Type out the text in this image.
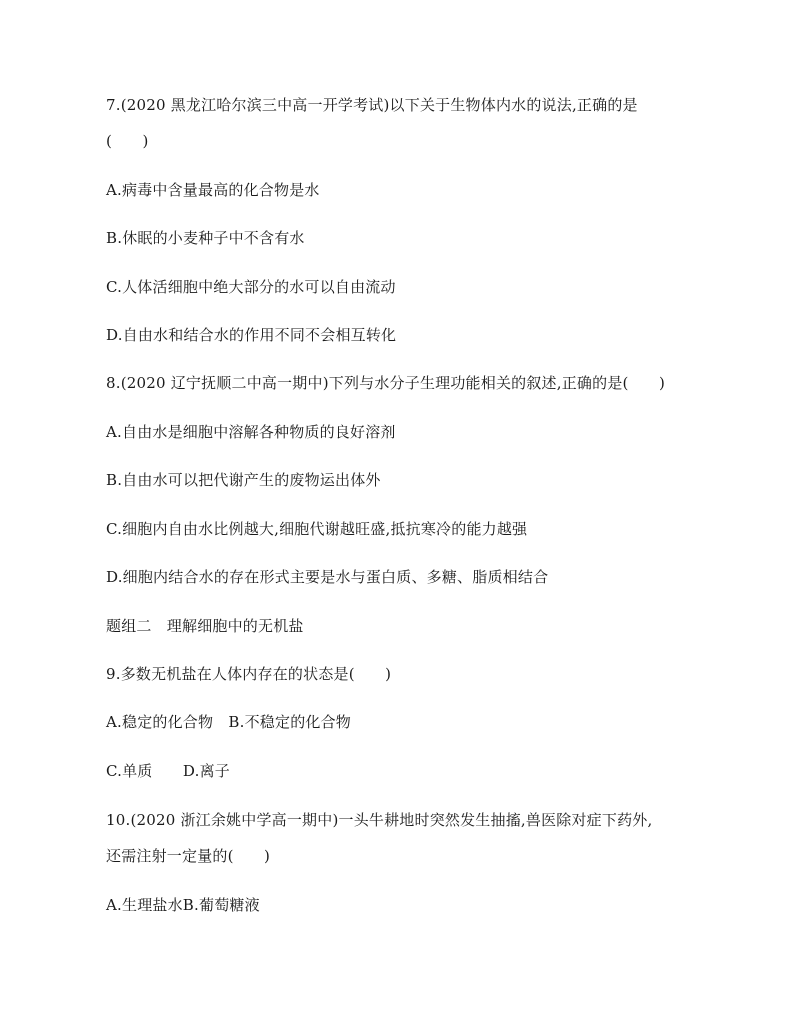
7.(2020 黑龙江哈尔滨三中高一开学考试)以下关于生物体内水的说法,正确的是
(　　)
A.病毒中含量最高的化合物是水
B.休眠的小麦种子中不含有水
C.人体活细胞中绝大部分的水可以自由流动
D.自由水和结合水的作用不同不会相互转化
8.(2020 辽宁抚顺二中高一期中)下列与水分子生理功能相关的叙述,正确的是(　　)
A.自由水是细胞中溶解各种物质的良好溶剂
B.自由水可以把代谢产生的废物运出体外
C.细胞内自由水比例越大,细胞代谢越旺盛,抵抗寒冷的能力越强
D.细胞内结合水的存在形式主要是水与蛋白质、多糖、脂质相结合
题组二　理解细胞中的无机盐
9.多数无机盐在人体内存在的状态是(　　)
A.稳定的化合物　B.不稳定的化合物
C.单质　　D.离子
10.(2020 浙江余姚中学高一期中)一头牛耕地时突然发生抽搐,兽医除对症下药外,
还需注射一定量的(　　)
A.生理盐水B.葡萄糖液
